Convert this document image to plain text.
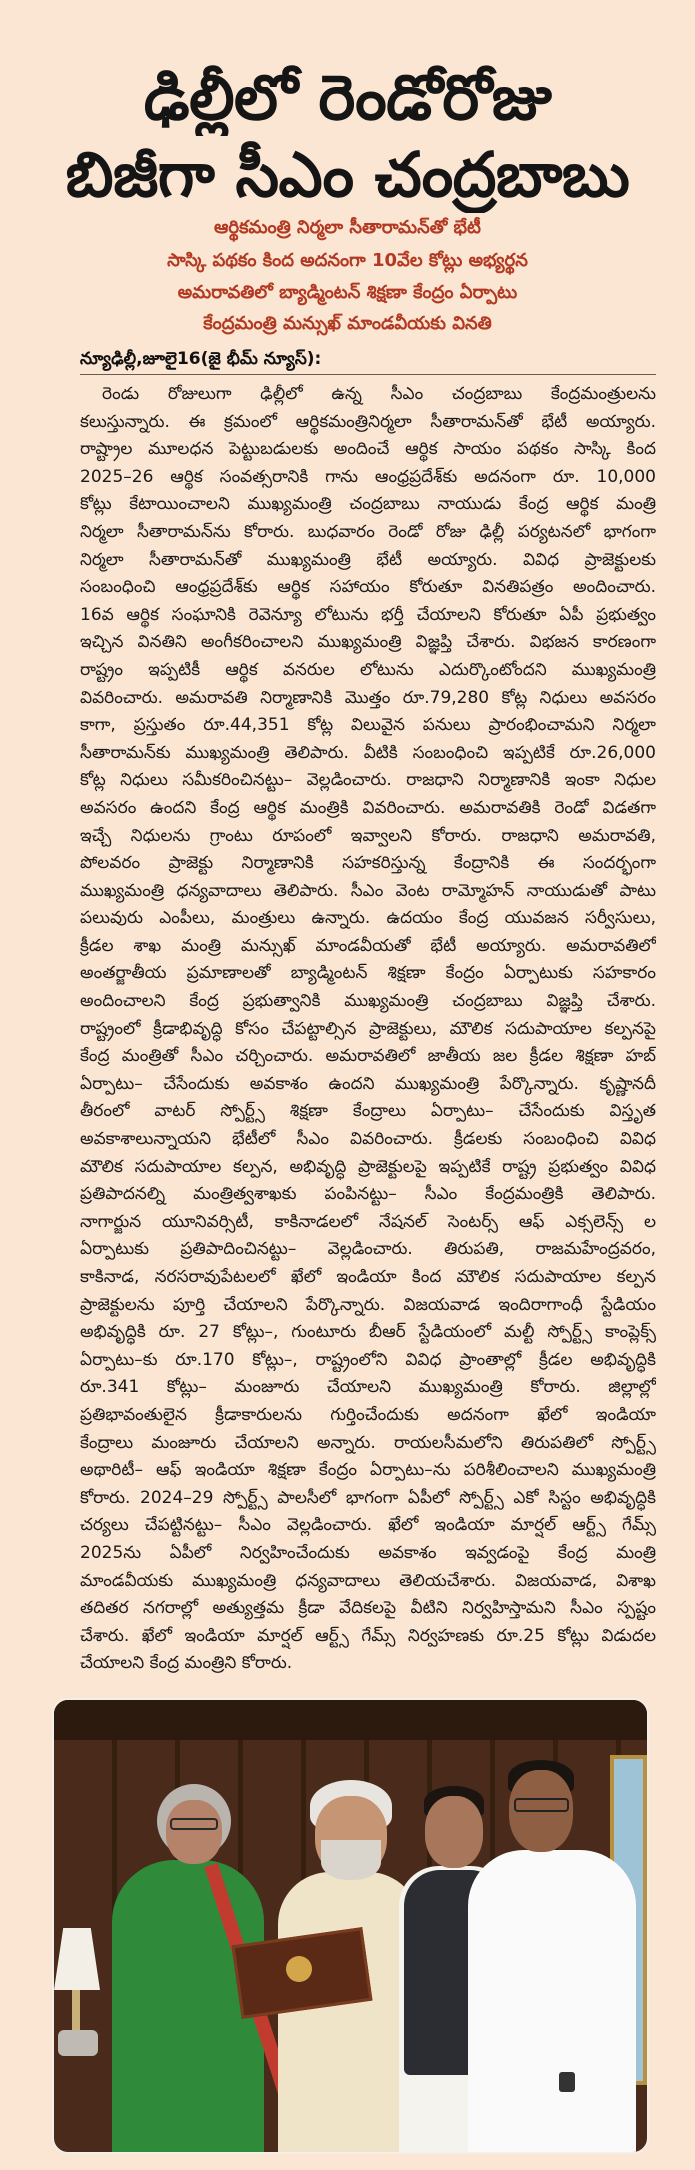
ఢిల్లీలో రెండోరోజు
బిజీగా సీఎం చంద్రబాబు
ఆర్థికమంత్రి నిర్మలా సీతారామన్‌తో భేటీ
సాస్కి పథకం కింద అదనంగా 10వేల కోట్లు అభ్యర్థన
అమరావతిలో బ్యాడ్మింటన్ శిక్షణా కేంద్రం ఏర్పాటు
కేంద్రమంత్రి మన్సుఖ్ మాండవీయకు వినతి
న్యూఢిల్లీ,జూలై16(జై భీమ్ న్యూస్):
రెండు రోజులుగా ఢిల్లీలో ఉన్న సీఎం చంద్రబాబు కేంద్రమంత్రులను
కలుస్తున్నారు. ఈ క్రమంలో ఆర్థికమంత్రినిర్మలా సీతారామన్‌తో భేటీ అయ్యారు.
రాష్ట్రాల మూలధన పెట్టుబడులకు అందించే ఆర్థిక సాయం పథకం సాస్కి కింద
2025–26 ఆర్థిక సంవత్సరానికి గాను ఆంధ్రప్రదేశ్‌కు అదనంగా రూ. 10,000
కోట్లు కేటాయించాలని ముఖ్యమంత్రి చంద్రబాబు నాయుడు కేంద్ర ఆర్థిక మంత్రి
నిర్మలా సీతారామన్‌ను కోరారు. బుధవారం రెండో రోజు ఢిల్లీ పర్యటనలో భాగంగా
నిర్మలా సీతారామన్‌తో ముఖ్యమంత్రి భేటీ అయ్యారు. వివిధ ప్రాజెక్టులకు
సంబంధించి ఆంధ్రప్రదేశ్‌కు ఆర్థిక సహాయం కోరుతూ వినతిపత్రం అందించారు.
16వ ఆర్థిక సంఘానికి రెవెన్యూ లోటును భర్తీ చేయాలని కోరుతూ ఏపీ ప్రభుత్వం
ఇచ్చిన వినతిని అంగీకరించాలని ముఖ్యమంత్రి విజ్ఞప్తి చేశారు. విభజన కారణంగా
రాష్ట్రం ఇప్పటికీ ఆర్థిక వనరుల లోటును ఎదుర్కొంటోందని ముఖ్యమంత్రి
వివరించారు. అమరావతి నిర్మాణానికి మొత్తం రూ.79,280 కోట్ల నిధులు అవసరం
కాగా, ప్రస్తుతం రూ.44,351 కోట్ల విలువైన పనులు ప్రారంభించామని నిర్మలా
సీతారామన్‌కు ముఖ్యమంత్రి తెలిపారు. వీటికి సంబంధించి ఇప్పటికే రూ.26,000
కోట్ల నిధులు సమీకరించినట్టు– వెల్లడించారు. రాజధాని నిర్మాణానికి ఇంకా నిధుల
అవసరం ఉందని కేంద్ర ఆర్థిక మంత్రికి వివరించారు. అమరావతికి రెండో విడతగా
ఇచ్చే నిధులను గ్రాంటు రూపంలో ఇవ్వాలని కోరారు. రాజధాని అమరావతి,
పోలవరం ప్రాజెక్టు నిర్మాణానికి సహకరిస్తున్న కేంద్రానికి ఈ సందర్భంగా
ముఖ్యమంత్రి ధన్యవాదాలు తెలిపారు. సీఎం వెంట రామ్మోహన్ నాయుడుతో పాటు
పలువురు ఎంపీలు, మంత్రులు ఉన్నారు. ఉదయం కేంద్ర యువజన సర్వీసులు,
క్రీడల శాఖ మంత్రి మన్సుఖ్ మాండవీయతో భేటీ అయ్యారు. అమరావతిలో
అంతర్జాతీయ ప్రమాణాలతో బ్యాడ్మింటన్ శిక్షణా కేంద్రం ఏర్పాటుకు సహకారం
అందించాలని కేంద్ర ప్రభుత్వానికి ముఖ్యమంత్రి చంద్రబాబు విజ్ఞప్తి చేశారు.
రాష్ట్రంలో క్రీడాభివృద్ధి కోసం చేపట్టాల్సిన ప్రాజెక్టులు, మౌలిక సదుపాయాల కల్పనపై
కేంద్ర మంత్రితో సీఎం చర్చించారు. అమరావతిలో జాతీయ జల క్రీడల శిక్షణా హబ్
ఏర్పాటు– చేసేందుకు అవకాశం ఉందని ముఖ్యమంత్రి పేర్కొన్నారు. కృష్ణానదీ
తీరంలో వాటర్ స్పోర్ట్స్ శిక్షణా కేంద్రాలు ఏర్పాటు– చేసేందుకు విస్తృత
అవకాశాలున్నాయని భేటీలో సీఎం వివరించారు. క్రీడలకు సంబంధించి వివిధ
మౌలిక సదుపాయాల కల్పన, అభివృద్ధి ప్రాజెక్టులపై ఇప్పటికే రాష్ట్ర ప్రభుత్వం వివిధ
ప్రతిపాదనల్ని మంత్రిత్వశాఖకు పంపినట్టు– సీఎం కేంద్రమంత్రికి తెలిపారు.
నాగార్జున యూనివర్సిటీ, కాకినాడలలో నేషనల్ సెంటర్స్ ఆఫ్ ఎక్సలెన్స్ ల
ఏర్పాటుకు ప్రతిపాదించినట్టు– వెల్లడించారు. తిరుపతి, రాజమహేంద్రవరం,
కాకినాడ, నరసరావుపేటలలో ఖేలో ఇండియా కింద మౌలిక సదుపాయాల కల్పన
ప్రాజెక్టులను పూర్తి చేయాలని పేర్కొన్నారు. విజయవాడ ఇందిరాగాంధీ స్టేడియం
అభివృద్ధికి రూ. 27 కోట్లు–, గుంటూరు బీఆర్ స్టేడియంలో మల్టీ స్పోర్ట్స్ కాంప్లెక్స్
ఏర్పాటు–కు రూ.170 కోట్లు–, రాష్ట్రంలోని వివిధ ప్రాంతాల్లో క్రీడల అభివృద్ధికి
రూ.341 కోట్లు– మంజూరు చేయాలని ముఖ్యమంత్రి కోరారు. జిల్లాల్లో
ప్రతిభావంతులైన క్రీడాకారులను గుర్తించేందుకు అదనంగా ఖేలో ఇండియా
కేంద్రాలు మంజూరు చేయాలని అన్నారు. రాయలసీమలోని తిరుపతిలో స్పోర్ట్స్
అథారిటీ– ఆఫ్ ఇండియా శిక్షణా కేంద్రం ఏర్పాటు–ను పరిశీలించాలని ముఖ్యమంత్రి
కోరారు. 2024–29 స్పోర్ట్స్ పాలసీలో భాగంగా ఏపీలో స్పోర్ట్స్ ఎకో సిస్టం అభివృద్ధికి
చర్యలు చేపట్టినట్టు– సీఎం వెల్లడించారు. ఖేలో ఇండియా మార్షల్ ఆర్ట్స్ గేమ్స్
2025ను ఏపీలో నిర్వహించేందుకు అవకాశం ఇవ్వడంపై కేంద్ర మంత్రి
మాండవీయకు ముఖ్యమంత్రి ధన్యవాదాలు తెలియచేశారు. విజయవాడ, విశాఖ
తదితర నగరాల్లో అత్యుత్తమ క్రీడా వేదికలపై వీటిని నిర్వహిస్తామని సీఎం స్పష్టం
చేశారు. ఖేలో ఇండియా మార్షల్ ఆర్ట్స్ గేమ్స్ నిర్వహణకు రూ.25 కోట్లు విడుదల
చేయాలని కేంద్ర మంత్రిని కోరారు.
